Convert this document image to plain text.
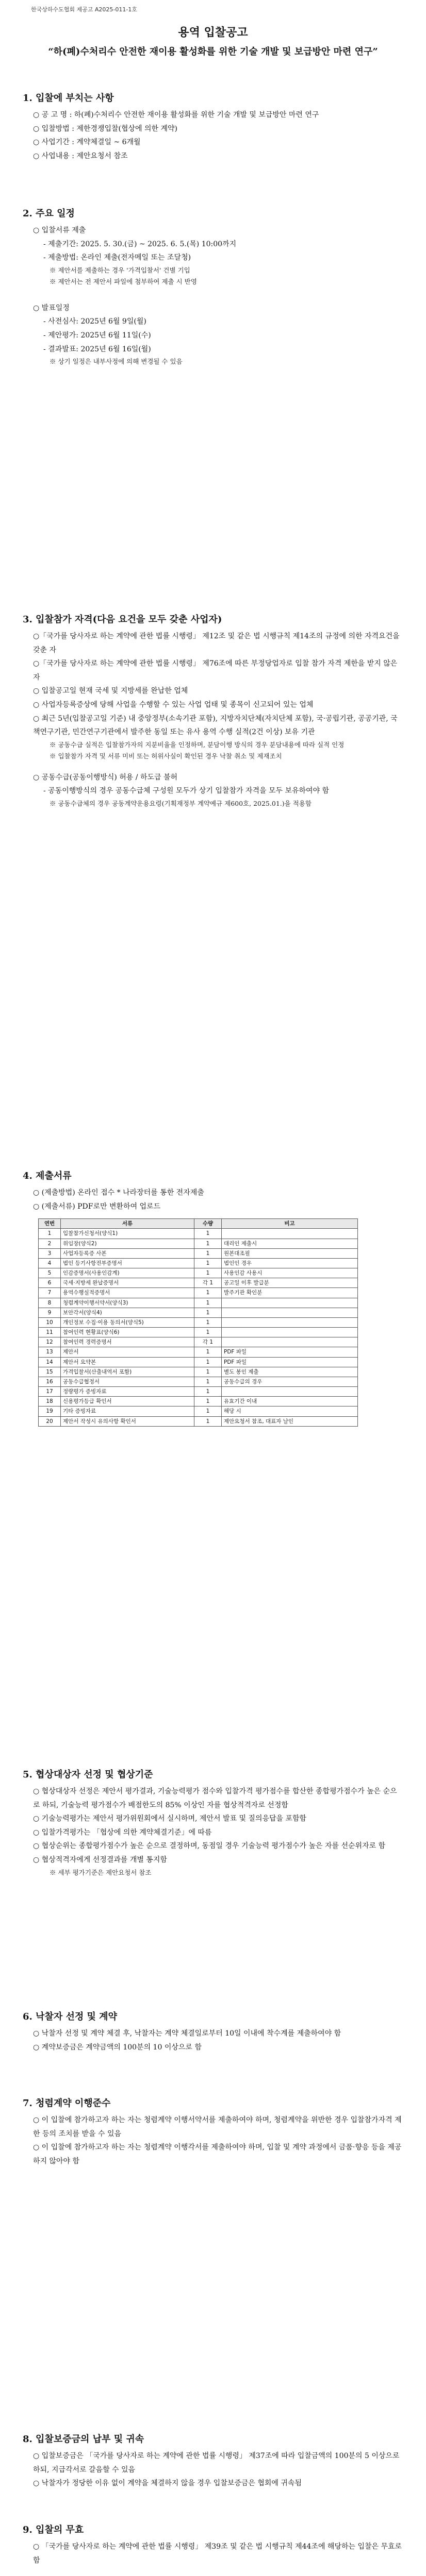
한국상하수도협회 제공고 A2025-011-1호

용역 입찰공고

“하(폐)수처리수 안전한 재이용 활성화를 위한 기술 개발 및 보급방안 마련 연구”

1. 입찰에 부치는 사항

○ 공 고 명 : 하(폐)수처리수 안전한 재이용 활성화를 위한 기술 개발 및 보급방안 마련 연구

○ 입찰방법 : 제한경쟁입찰(협상에 의한 계약)

○ 사업기간 : 계약체결일 ~ 6개월

○ 사업내용 : 제안요청서 참조

2. 주요 일정

○ 입찰서류 제출

- 제출기간: 2025. 5. 30.(금) ~ 2025. 6. 5.(목) 10:00까지

- 제출방법: 온라인 제출(전자메일 또는 조달청)

※ 제안서를 제출하는 경우 '가격입찰서' 건별 기입

※ 제안서는 전 제안서 파일에 첨부하여 제출 시 반영

○ 발표일정

- 사전심사: 2025년 6월 9일(월)

- 제안평가: 2025년 6월 11일(수)

- 결과발표: 2025년 6월 16일(월)

※ 상기 일정은 내부사정에 의해 변경될 수 있음

3. 입찰참가 자격(다음 요건을 모두 갖춘 사업자)

○「국가를 당사자로 하는 계약에 관한 법률 시행령」 제12조 및 같은 법 시행규칙 제14조의 규정에 의한 자격요건을 갖춘 자

○「국가를 당사자로 하는 계약에 관한 법률 시행령」 제76조에 따른 부정당업자로 입찰 참가 자격 제한을 받지 않은 자

○ 입찰공고일 현재 국세 및 지방세를 완납한 업체

○ 사업자등록증상에 당해 사업을 수행할 수 있는 사업 업태 및 종목이 신고되어 있는 업체

○ 최근 5년(입찰공고일 기준) 내 중앙정부(소속기관 포함), 지방자치단체(자치단체 포함), 국·공립기관, 공공기관, 국책연구기관, 민간연구기관에서 발주한 동일 또는 유사 용역 수행 실적(2건 이상) 보유 기관

※ 공동수급 실적은 입찰참가자의 지분비율을 인정하며, 분담이행 방식의 경우 분담내용에 따라 실적 인정

※ 입찰참가 자격 및 서류 미비 또는 허위사실이 확인된 경우 낙찰 취소 및 제재조치

○ 공동수급(공동이행방식) 허용 / 하도급 불허

- 공동이행방식의 경우 공동수급체 구성원 모두가 상기 입찰참가 자격을 모두 보유하여야 함

※ 공동수급체의 경우 공동계약운용요령(기획재정부 계약예규 제600호, 2025.01.)을 적용함

4. 제출서류

○ (제출방법) 온라인 접수 * 나라장터를 통한 전자제출

○ (제출서류) PDF로만 변환하여 업로드

연번	서류	수량	비고
1	입찰참가신청서(양식1)	1	
2	위임장(양식2)	1	대리인 제출시
3	사업자등록증 사본	1	원본대조필
4	법인 등기사항전부증명서	1	법인인 경우
5	인감증명서(사용인감계)	1	사용인감 사용시
6	국세·지방세 완납증명서	각 1	공고일 이후 발급분
7	용역수행실적증명서	1	발주기관 확인분
8	청렴계약이행서약서(양식3)	1	
9	보안각서(양식4)	1	
10	개인정보 수집·이용 동의서(양식5)	1	
11	참여인력 현황표(양식6)	1	
12	참여인력 경력증명서	각 1	
13	제안서	1	PDF 파일
14	제안서 요약본	1	PDF 파일
15	가격입찰서(산출내역서 포함)	1	별도 봉인 제출
16	공동수급협정서	1	공동수급의 경우
17	정량평가 증빙자료	1	
18	신용평가등급 확인서	1	유효기간 이내
19	기타 증빙자료	1	해당 시
20	제안서 작성시 유의사항 확인서	1	제안요청서 참조, 대표자 날인

5. 협상대상자 선정 및 협상기준

○ 협상대상자 선정은 제안서 평가결과, 기술능력평가 점수와 입찰가격 평가점수를 합산한 종합평가점수가 높은 순으로 하되, 기술능력 평가점수가 배점한도의 85% 이상인 자를 협상적격자로 선정함

○ 기술능력평가는 제안서 평가위원회에서 실시하며, 제안서 발표 및 질의응답을 포함함

○ 입찰가격평가는 「협상에 의한 계약체결기준」에 따름

○ 협상순위는 종합평가점수가 높은 순으로 결정하며, 동점일 경우 기술능력 평가점수가 높은 자를 선순위자로 함

○ 협상적격자에게 선정결과를 개별 통지함

※ 세부 평가기준은 제안요청서 참조

6. 낙찰자 선정 및 계약

○ 낙찰자 선정 및 계약 체결 후, 낙찰자는 계약 체결일로부터 10일 이내에 착수계를 제출하여야 함

○ 계약보증금은 계약금액의 100분의 10 이상으로 함

7. 청렴계약 이행준수

○ 이 입찰에 참가하고자 하는 자는 청렴계약 이행서약서를 제출하여야 하며, 청렴계약을 위반한 경우 입찰참가자격 제한 등의 조치를 받을 수 있음

○ 이 입찰에 참가하고자 하는 자는 청렴계약 이행각서를 제출하여야 하며, 입찰 및 계약 과정에서 금품·향응 등을 제공하지 않아야 함

8. 입찰보증금의 납부 및 귀속

○ 입찰보증금은 「국가를 당사자로 하는 계약에 관한 법률 시행령」 제37조에 따라 입찰금액의 100분의 5 이상으로 하되, 지급각서로 갈음할 수 있음

○ 낙찰자가 정당한 이유 없이 계약을 체결하지 않을 경우 입찰보증금은 협회에 귀속됨

9. 입찰의 무효

○ 「국가를 당사자로 하는 계약에 관한 법률 시행령」 제39조 및 같은 법 시행규칙 제44조에 해당하는 입찰은 무효로 함
